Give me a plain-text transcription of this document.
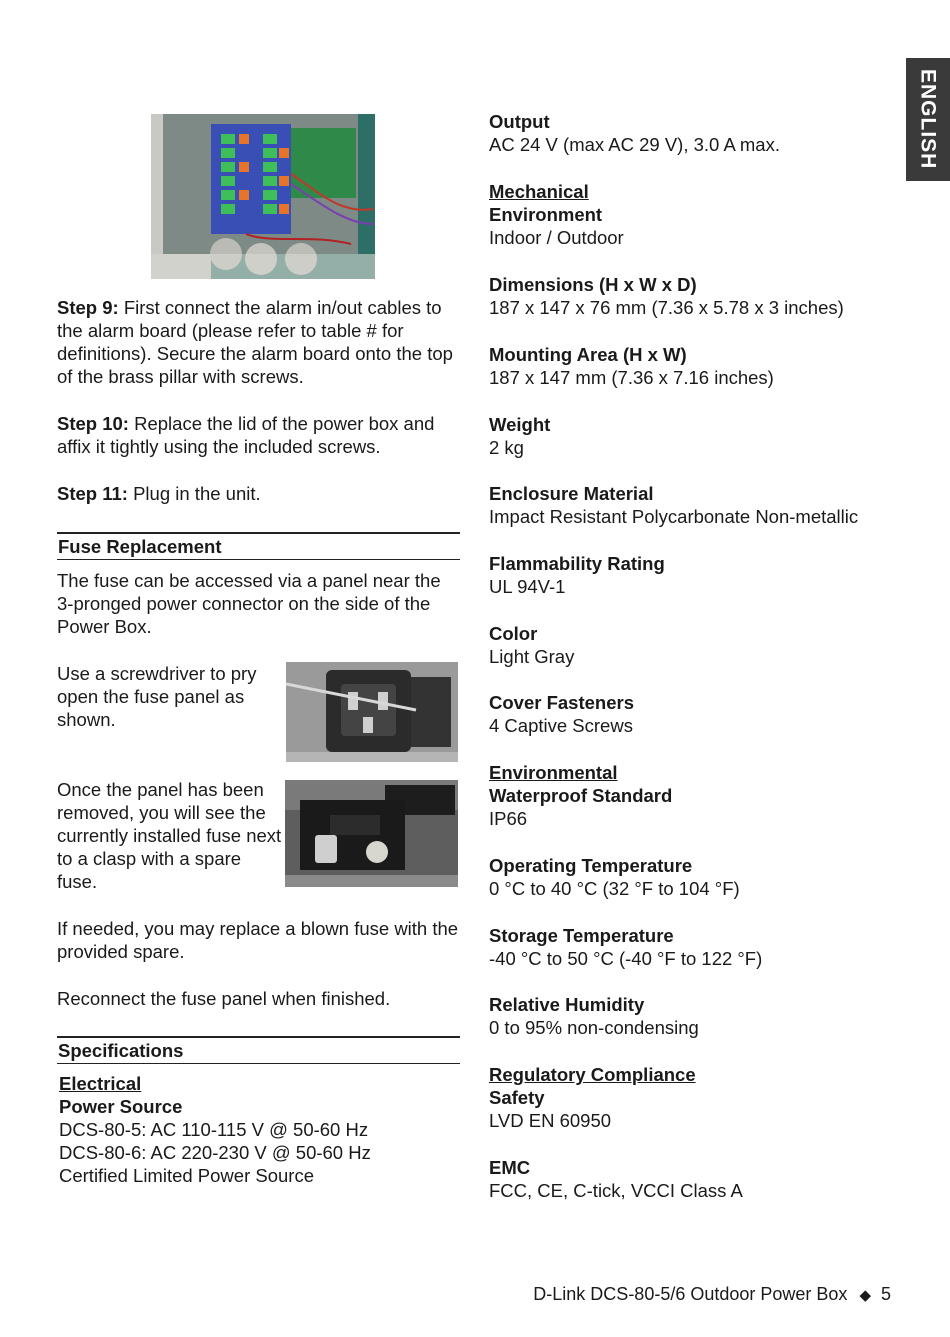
ENGLISH

Step 9: First connect the alarm in/out cables to the alarm board (please refer to table # for definitions). Secure the alarm board onto the top of the brass pillar with screws.

Step 10: Replace the lid of the power box and affix it tightly using the included screws.

Step 11: Plug in the unit.

Fuse Replacement
The fuse can be accessed via a panel near the 3-pronged power connector on the side of the Power Box.
Use a screwdriver to pry open the fuse panel as shown.
Once the panel has been removed, you will see the currently installed fuse next to a clasp with a spare fuse.
If needed, you may replace a blown fuse with the provided spare.
Reconnect the fuse panel when finished.
Specifications

Electrical

Power Source

DCS-80-5: AC 110-115 V @ 50-60 Hz

DCS-80-6: AC 220-230 V @ 50-60 Hz

Certified Limited Power Source

Output
AC 24 V (max AC 29 V), 3.0 A max.
Mechanical
Environment
Indoor / Outdoor
Dimensions (H x W x D)
187 x 147 x 76 mm (7.36 x 5.78 x 3 inches)
Mounting Area (H x W)
187 x 147 mm (7.36 x 7.16 inches)
Weight
2 kg
Enclosure Material
Impact Resistant Polycarbonate Non-metallic
Flammability Rating
UL 94V-1
Color
Light Gray
Cover Fasteners
4 Captive Screws
Environmental
Waterproof Standard
IP66
Operating Temperature
0 °C to 40 °C (32 °F to 104 °F)
Storage Temperature
-40 °C to 50 °C (-40 °F to 122 °F)
Relative Humidity
0 to 95% non-condensing
Regulatory Compliance
Safety
LVD EN 60950
EMC
FCC, CE, C-tick, VCCI Class A
D-Link DCS-80-5/6 Outdoor Power Box ◆ 5
